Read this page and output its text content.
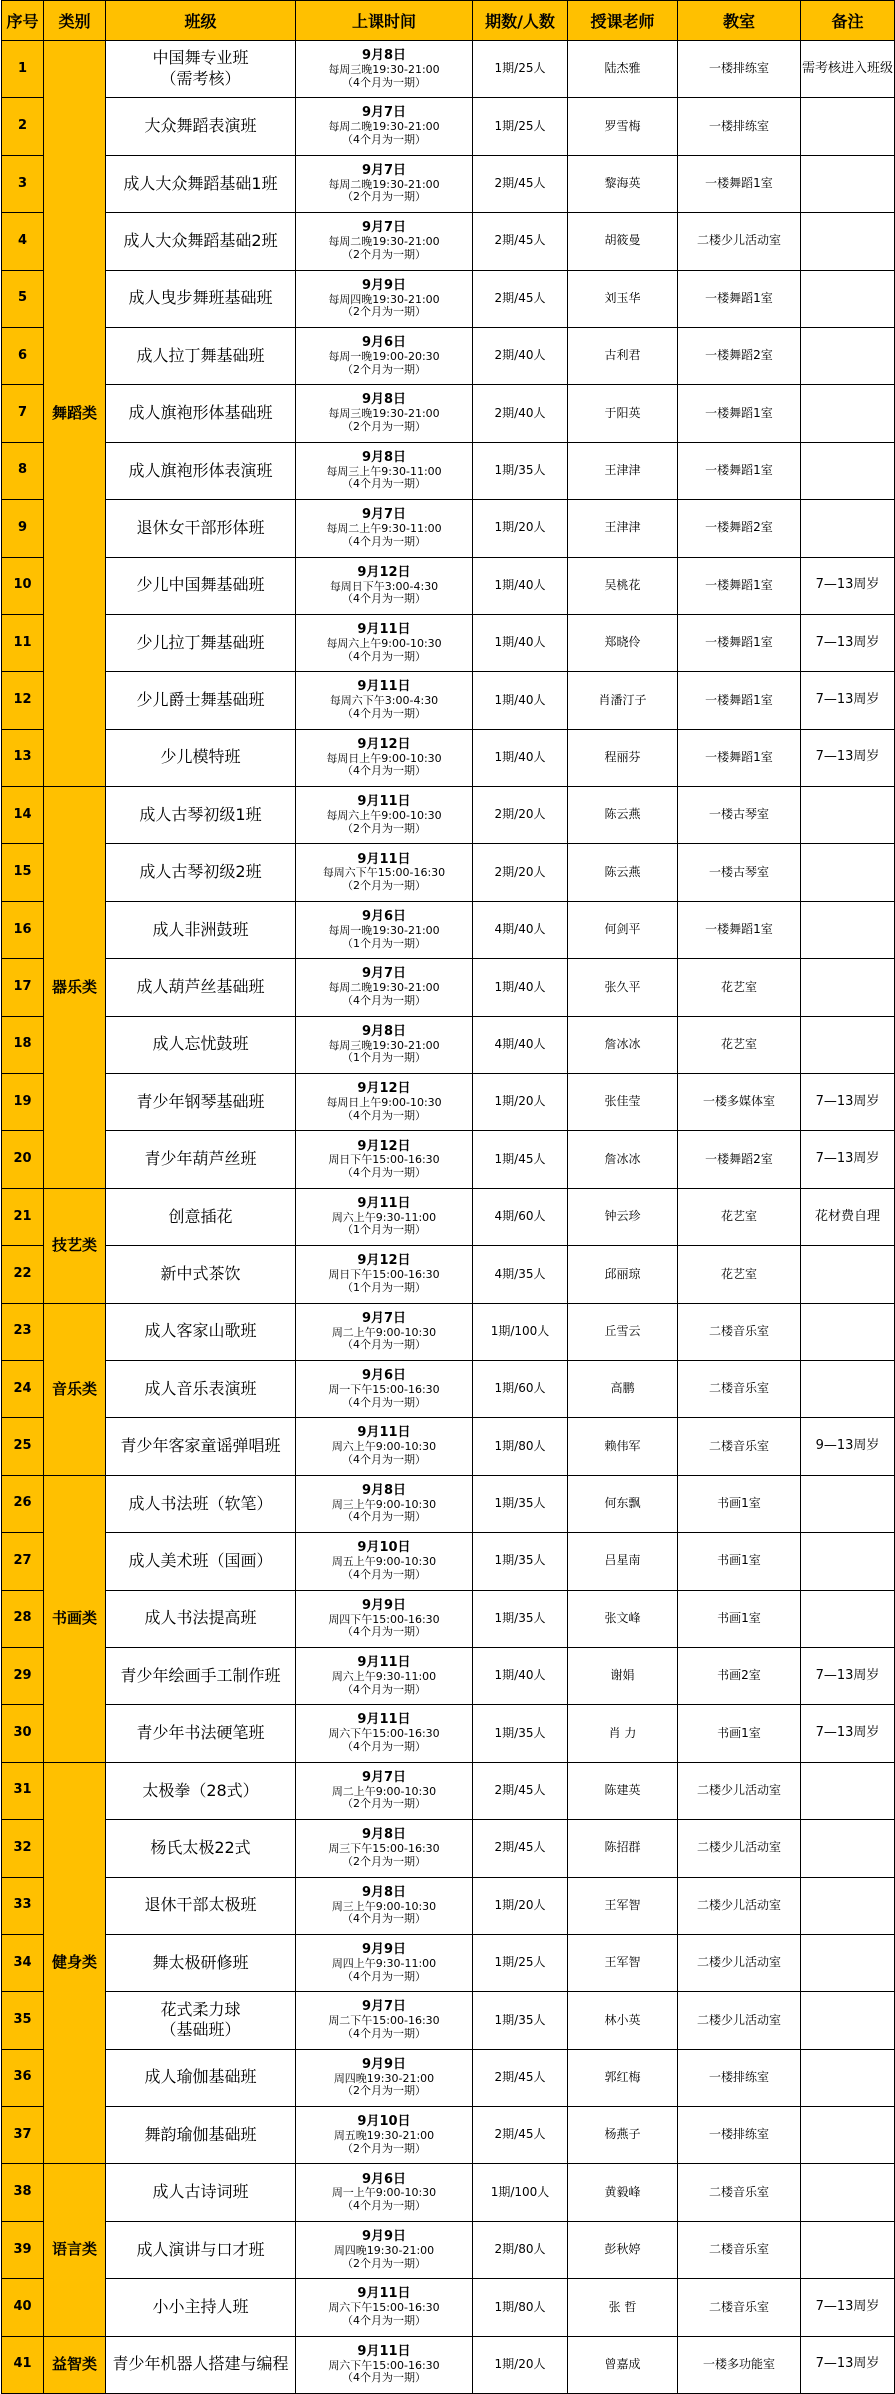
序号	类别	班级	上课时间	期数/人数	授课老师	教室	备注
1	舞蹈类	中国舞专业班
（需考核）	9月8日
每周三晚19:30-21:00
（4个月为一期）	1期/25人	陆杰雅	一楼排练室	需考核进入班级
2		大众舞蹈表演班	9月7日
每周二晚19:30-21:00
（4个月为一期）	1期/25人	罗雪梅	一楼排练室	
3		成人大众舞蹈基础1班	9月7日
每周二晚19:30-21:00
（2个月为一期）	2期/45人	黎海英	一楼舞蹈1室	
4		成人大众舞蹈基础2班	9月7日
每周二晚19:30-21:00
（2个月为一期）	2期/45人	胡筱曼	二楼少儿活动室	
5		成人曳步舞班基础班	9月9日
每周四晚19:30-21:00
（2个月为一期）	2期/45人	刘玉华	一楼舞蹈1室	
6		成人拉丁舞基础班	9月6日
每周一晚19:00-20:30
（2个月为一期）	2期/40人	古利君	一楼舞蹈2室	
7		成人旗袍形体基础班	9月8日
每周三晚19:30-21:00
（2个月为一期）	2期/40人	于阳英	一楼舞蹈1室	
8		成人旗袍形体表演班	9月8日
每周三上午9:30-11:00
（4个月为一期）	1期/35人	王津津	一楼舞蹈1室	
9		退休女干部形体班	9月7日
每周二上午9:30-11:00
（4个月为一期）	1期/20人	王津津	一楼舞蹈2室	
10		少儿中国舞基础班	9月12日
每周日下午3:00-4:30
（4个月为一期）	1期/40人	吴桃花	一楼舞蹈1室	7—13周岁
11		少儿拉丁舞基础班	9月11日
每周六上午9:00-10:30
（4个月为一期）	1期/40人	郑晓伶	一楼舞蹈1室	7—13周岁
12		少儿爵士舞基础班	9月11日
每周六下午3:00-4:30
（4个月为一期）	1期/40人	肖潘汀子	一楼舞蹈1室	7—13周岁
13		少儿模特班	9月12日
每周日上午9:00-10:30
（4个月为一期）	1期/40人	程丽芬	一楼舞蹈1室	7—13周岁
14	器乐类	成人古琴初级1班	9月11日
每周六上午9:00-10:30
（2个月为一期）	2期/20人	陈云燕	一楼古琴室	
15		成人古琴初级2班	9月11日
每周六下午15:00-16:30
（2个月为一期）	2期/20人	陈云燕	一楼古琴室	
16		成人非洲鼓班	9月6日
每周一晚19:30-21:00
（1个月为一期）	4期/40人	何剑平	一楼舞蹈1室	
17		成人葫芦丝基础班	9月7日
每周二晚19:30-21:00
（4个月为一期）	1期/40人	张久平	花艺室	
18		成人忘忧鼓班	9月8日
每周三晚19:30-21:00
（1个月为一期）	4期/40人	詹冰冰	花艺室	
19		青少年钢琴基础班	9月12日
每周日上午9:00-10:30
（4个月为一期）	1期/20人	张佳莹	一楼多媒体室	7—13周岁
20		青少年葫芦丝班	9月12日
周日下午15:00-16:30
（4个月为一期）	1期/45人	詹冰冰	一楼舞蹈2室	7—13周岁
21	技艺类	创意插花	9月11日
周六上午9:30-11:00
（1个月为一期）	4期/60人	钟云珍	花艺室	花材费自理
22		新中式茶饮	9月12日
周日下午15:00-16:30
（1个月为一期）	4期/35人	邱丽琼	花艺室	
23	音乐类	成人客家山歌班	9月7日
周二上午9:00-10:30
（4个月为一期）	1期/100人	丘雪云	二楼音乐室	
24		成人音乐表演班	9月6日
周一下午15:00-16:30
（4个月为一期）	1期/60人	高鹏	二楼音乐室	
25		青少年客家童谣弹唱班	9月11日
周六上午9:00-10:30
（4个月为一期）	1期/80人	赖伟军	二楼音乐室	9—13周岁
26	书画类	成人书法班（软笔）	9月8日
周三上午9:00-10:30
（4个月为一期）	1期/35人	何东飘	书画1室	
27		成人美术班（国画）	9月10日
周五上午9:00-10:30
（4个月为一期）	1期/35人	吕星南	书画1室	
28		成人书法提高班	9月9日
周四下午15:00-16:30
（4个月为一期）	1期/35人	张文峰	书画1室	
29		青少年绘画手工制作班	9月11日
周六上午9:30-11:00
（4个月为一期）	1期/40人	谢娟	书画2室	7—13周岁
30		青少年书法硬笔班	9月11日
周六下午15:00-16:30
（4个月为一期）	1期/35人	肖 力	书画1室	7—13周岁
31	健身类	太极拳（28式）	9月7日
周二上午9:00-10:30
（2个月为一期）	2期/45人	陈建英	二楼少儿活动室	
32		杨氏太极22式	9月8日
周三下午15:00-16:30
（2个月为一期）	2期/45人	陈招群	二楼少儿活动室	
33		退休干部太极班	9月8日
周三上午9:00-10:30
（4个月为一期）	1期/20人	王军智	二楼少儿活动室	
34		舞太极研修班	9月9日
周四上午9:30-11:00
（4个月为一期）	1期/25人	王军智	二楼少儿活动室	
35		花式柔力球
（基础班）	9月7日
周二下午15:00-16:30
（4个月为一期）	1期/35人	林小英	二楼少儿活动室	
36		成人瑜伽基础班	9月9日
周四晚19:30-21:00
（2个月为一期）	2期/45人	郭红梅	一楼排练室	
37		舞韵瑜伽基础班	9月10日
周五晚19:30-21:00
（2个月为一期）	2期/45人	杨燕子	一楼排练室	
38	语言类	成人古诗词班	9月6日
周一上午9:00-10:30
（4个月为一期）	1期/100人	黄毅峰	二楼音乐室	
39		成人演讲与口才班	9月9日
周四晚19:30-21:00
（2个月为一期）	2期/80人	彭秋婷	二楼音乐室	
40		小小主持人班	9月11日
周六下午15:00-16:30
（4个月为一期）	1期/80人	张 哲	二楼音乐室	7—13周岁
41	益智类	青少年机器人搭建与编程	9月11日
周六下午15:00-16:30
（4个月为一期）	1期/20人	曾嘉成	一楼多功能室	7—13周岁
